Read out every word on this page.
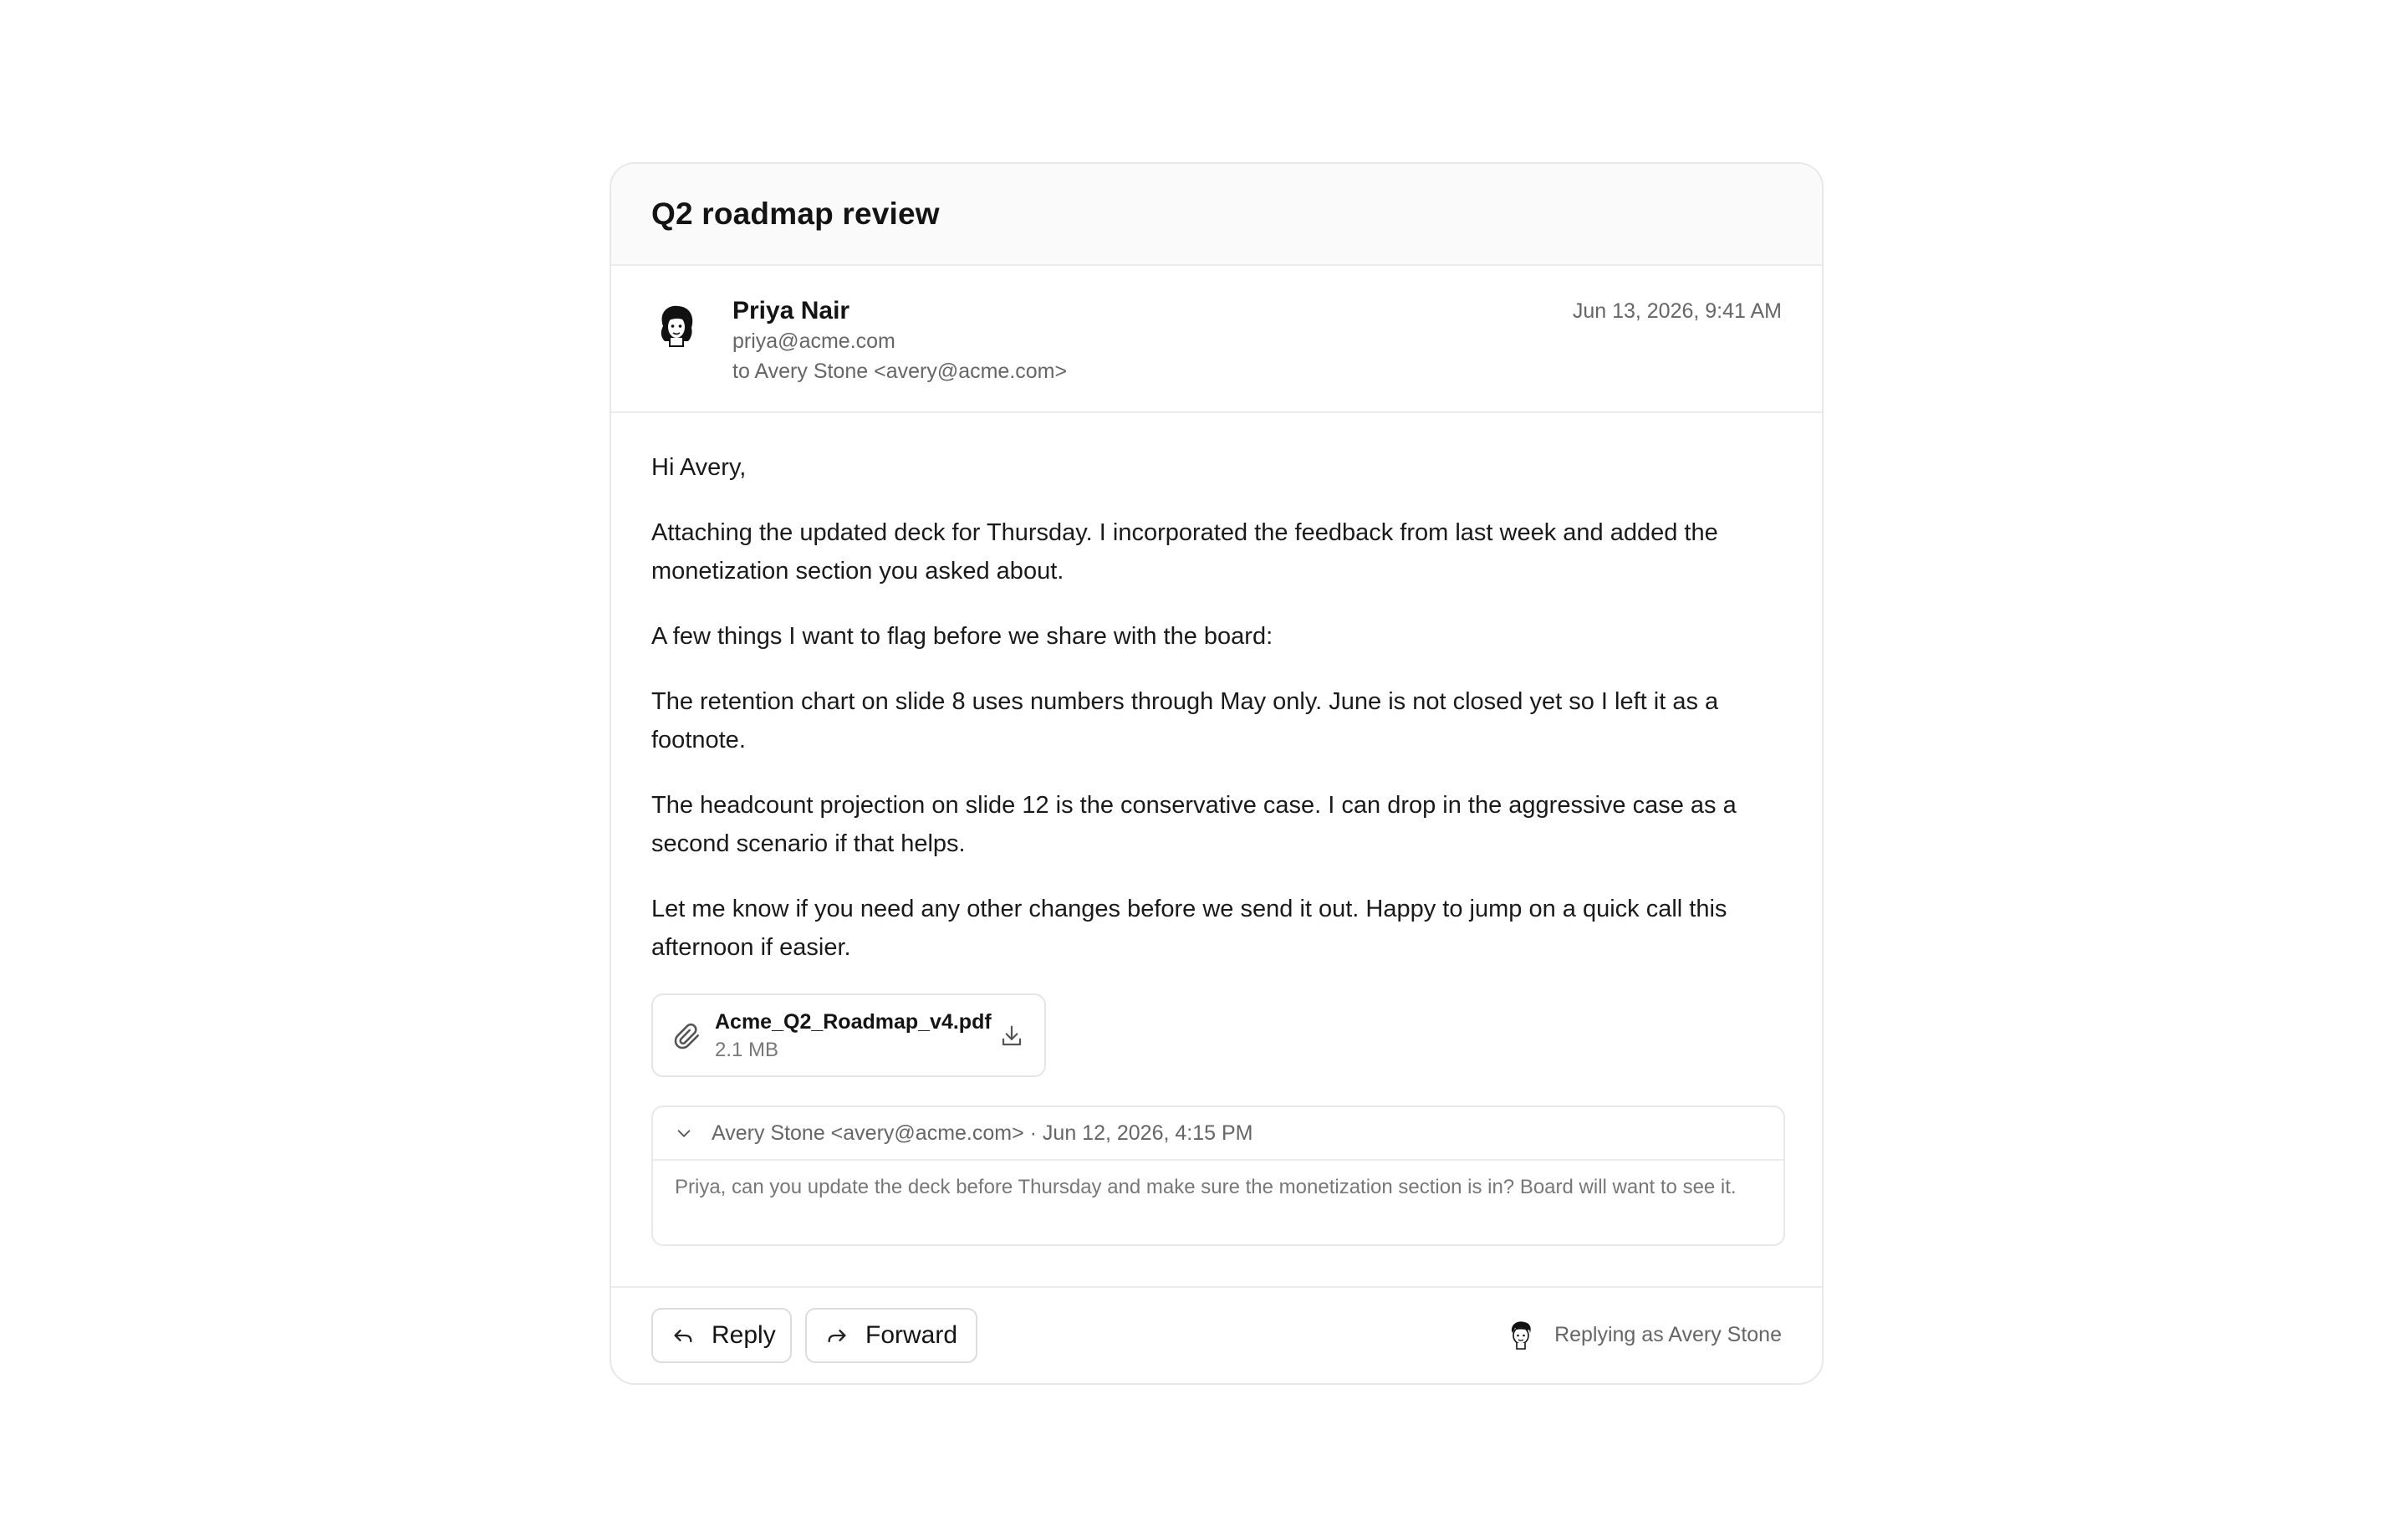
Q2 roadmap review
Priya Nair
priya@acme.com
to Avery Stone <avery@acme.com>
Jun 13, 2026, 9:41 AM

Hi Avery,

Attaching the updated deck for Thursday. I incorporated the feedback from last week and added the monetization section you asked about.

A few things I want to flag before we share with the board:

The retention chart on slide 8 uses numbers through May only. June is not closed yet so I left it as a footnote.

The headcount projection on slide 12 is the conservative case. I can drop in the aggressive case as a second scenario if that helps.

Let me know if you need any other changes before we send it out. Happy to jump on a quick call this afternoon if easier.

Acme_Q2_Roadmap_v4.pdf
2.1 MB
Avery Stone <avery@acme.com> · Jun 12, 2026, 4:15 PM
Priya, can you update the deck before Thursday and make sure the monetization section is in? Board will want to see it.
Reply	Forward	Replying as Avery Stone
